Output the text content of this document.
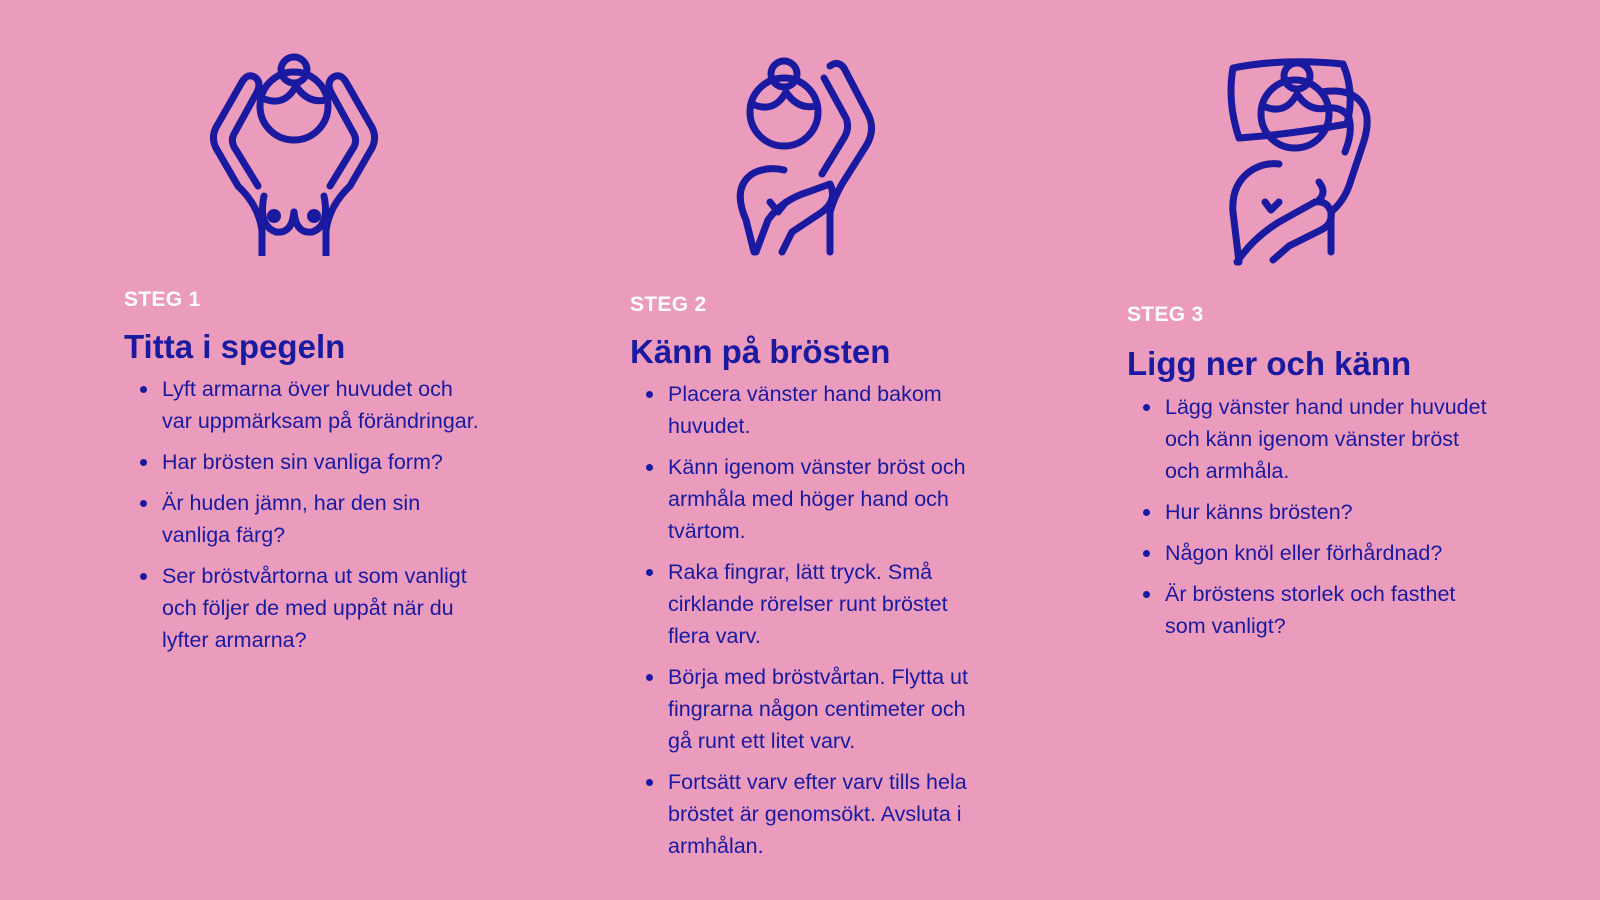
STEG 1
Titta i spegeln
Lyft armarna över huvudet och var uppmärksam på förändringar.
Har brösten sin vanliga form?
Är huden jämn, har den sin vanliga färg?
Ser bröstvårtorna ut som vanligt och följer de med uppåt när du lyfter armarna?
STEG 2
Känn på brösten
Placera vänster hand bakom huvudet.
Känn igenom vänster bröst och armhåla med höger hand och tvärtom.
Raka fingrar, lätt tryck. Små cirklande rörelser runt bröstet flera varv.
Börja med bröstvårtan. Flytta ut fingrarna någon centimeter och gå runt ett litet varv.
Fortsätt varv efter varv tills hela bröstet är genomsökt. Avsluta i armhålan.
STEG 3
Ligg ner och känn
Lägg vänster hand under huvudet och känn igenom vänster bröst och armhåla.
Hur känns brösten?
Någon knöl eller förhårdnad?
Är bröstens storlek och fasthet som vanligt?
